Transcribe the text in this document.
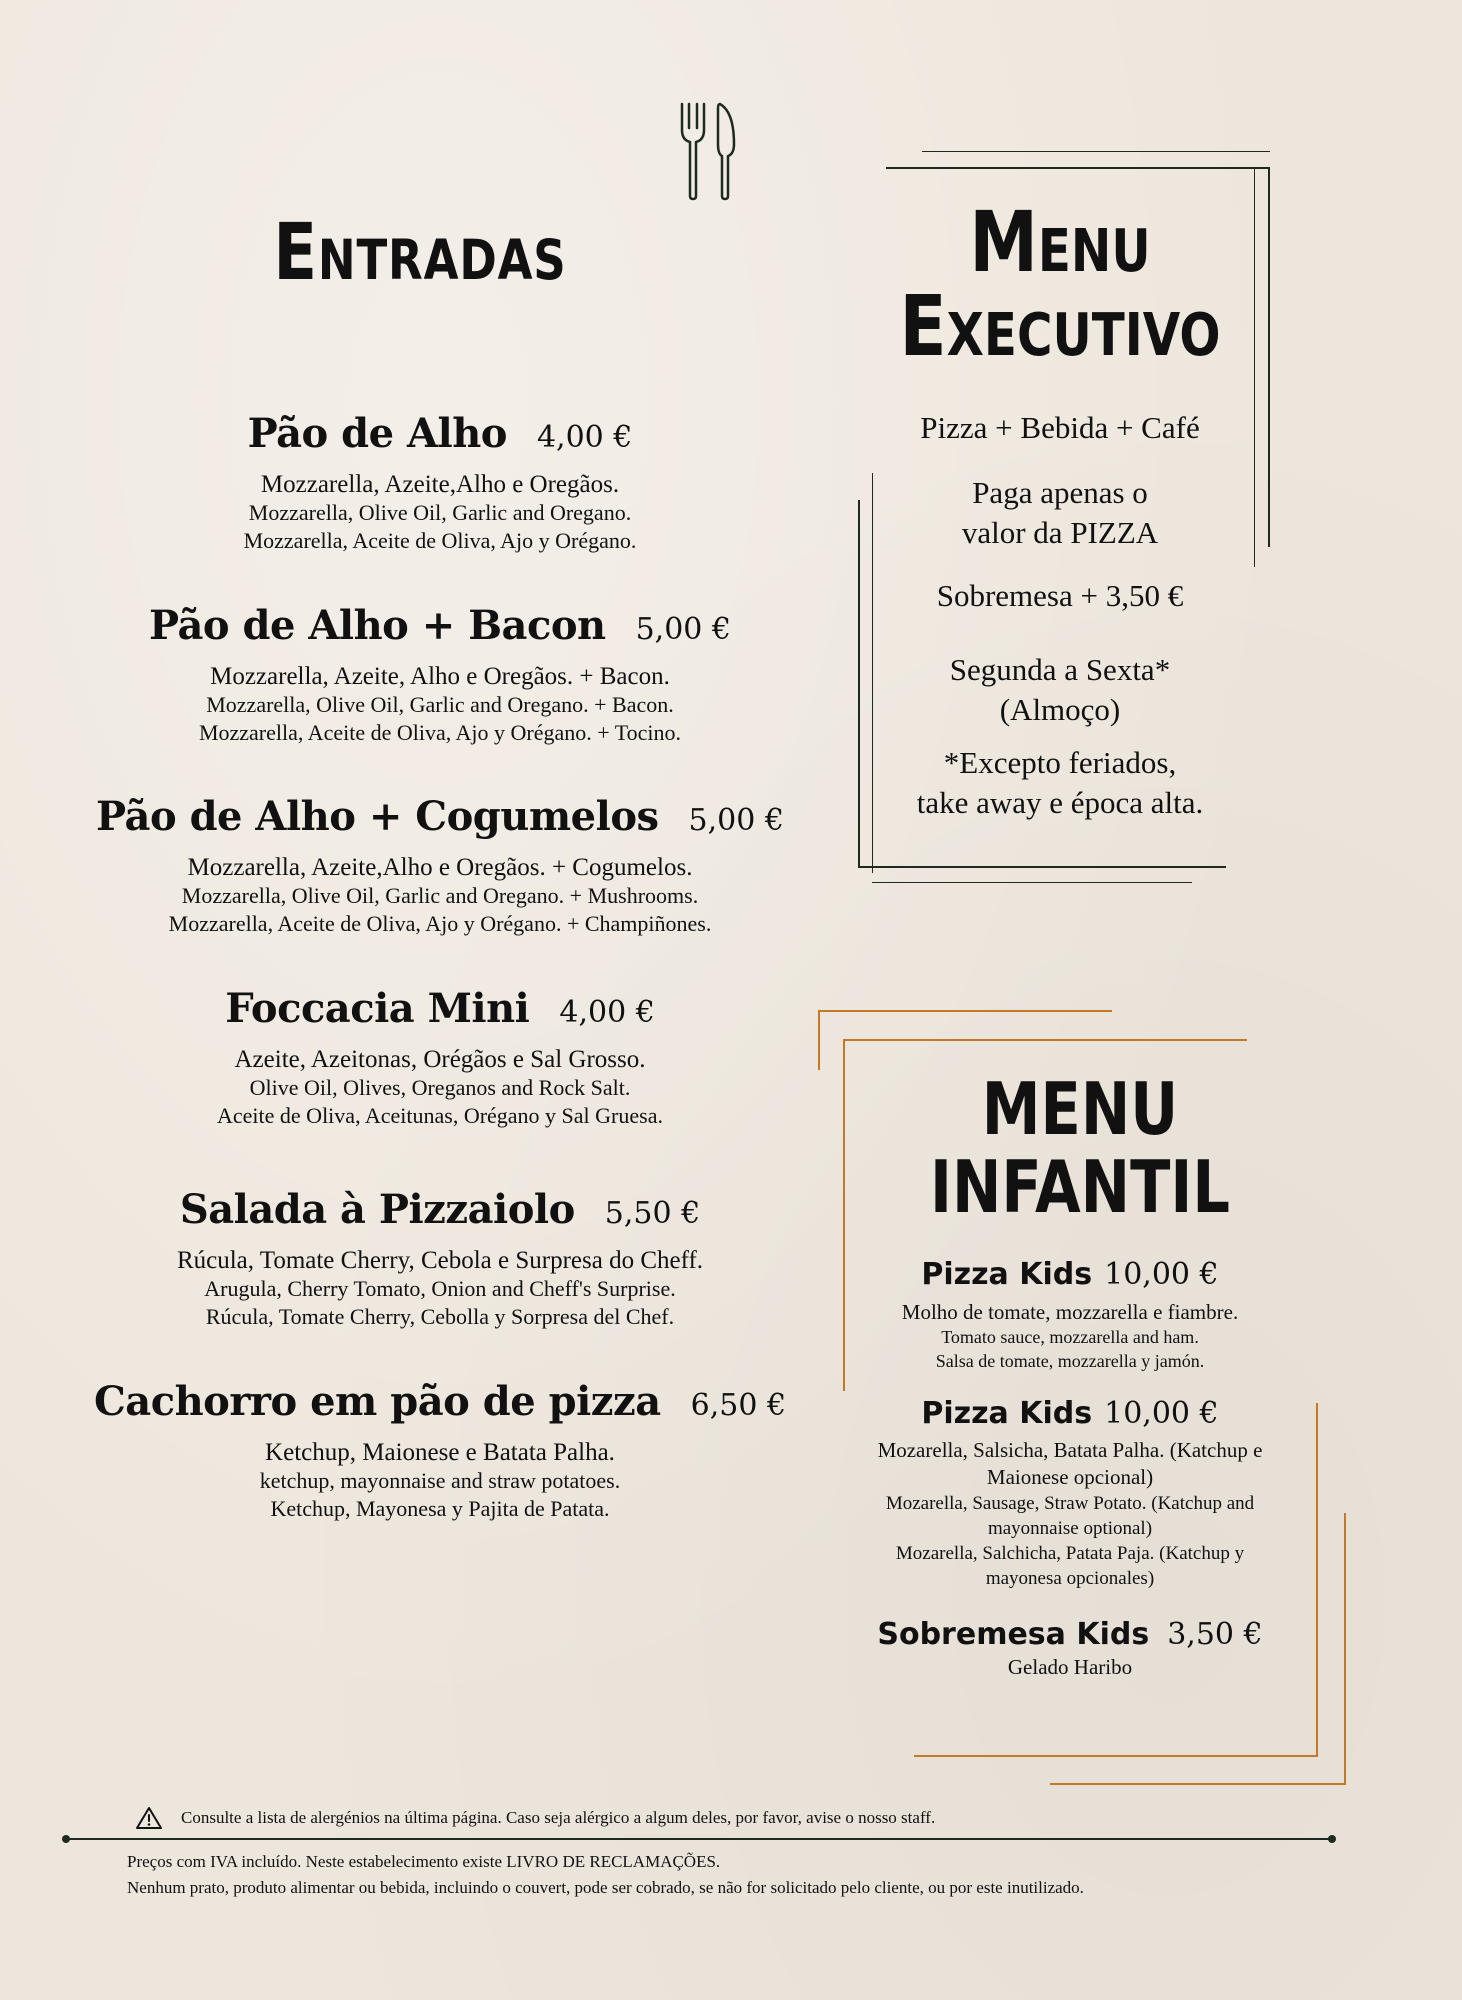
Entradas
Pão de Alho 4,00 €
Mozzarella, Azeite,Alho e Oregãos.
Mozzarella, Olive Oil, Garlic and Oregano.
Mozzarella, Aceite de Oliva, Ajo y Orégano.
Pão de Alho + Bacon 5,00 €
Mozzarella, Azeite, Alho e Oregãos. + Bacon.
Mozzarella, Olive Oil, Garlic and Oregano. + Bacon.
Mozzarella, Aceite de Oliva, Ajo y Orégano. + Tocino.
Pão de Alho + Cogumelos 5,00 €
Mozzarella, Azeite,Alho e Oregãos. + Cogumelos.
Mozzarella, Olive Oil, Garlic and Oregano. + Mushrooms.
Mozzarella, Aceite de Oliva, Ajo y Orégano. + Champiñones.
Foccacia Mini 4,00 €
Azeite, Azeitonas, Orégãos e Sal Grosso.
Olive Oil, Olives, Oreganos and Rock Salt.
Aceite de Oliva, Aceitunas, Orégano y Sal Gruesa.
Salada à Pizzaiolo 5,50 €
Rúcula, Tomate Cherry, Cebola e Surpresa do Cheff.
Arugula, Cherry Tomato, Onion and Cheff's Surprise.
Rúcula, Tomate Cherry, Cebolla y Sorpresa del Chef.
Cachorro em pão de pizza 6,50 €
Ketchup, Maionese e Batata Palha.
ketchup, mayonnaise and straw potatoes.
Ketchup, Mayonesa y Pajita de Patata.
Menu
Executivo
Pizza + Bebida + Café
Paga apenas o
valor da PIZZA
Sobremesa + 3,50 €
Segunda a Sexta*
(Almoço)
*Excepto feriados,
take away e época alta.
MENU
INFANTIL
Pizza Kids 10,00 €
Molho de tomate, mozzarella e fiambre.
Tomato sauce, mozzarella and ham.
Salsa de tomate, mozzarella y jamón.
Pizza Kids 10,00 €
Mozarella, Salsicha, Batata Palha. (Katchup e
Maionese opcional)
Mozarella, Sausage, Straw Potato. (Katchup and
mayonnaise optional)
Mozarella, Salchicha, Patata Paja. (Katchup y
mayonesa opcionales)
Sobremesa Kids 3,50 €
Gelado Haribo
Consulte a lista de alergénios na última página. Caso seja alérgico a algum deles, por favor, avise o nosso staff.
Preços com IVA incluído. Neste estabelecimento existe LIVRO DE RECLAMAÇÕES.
Nenhum prato, produto alimentar ou bebida, incluindo o couvert, pode ser cobrado, se não for solicitado pelo cliente, ou por este inutilizado.
